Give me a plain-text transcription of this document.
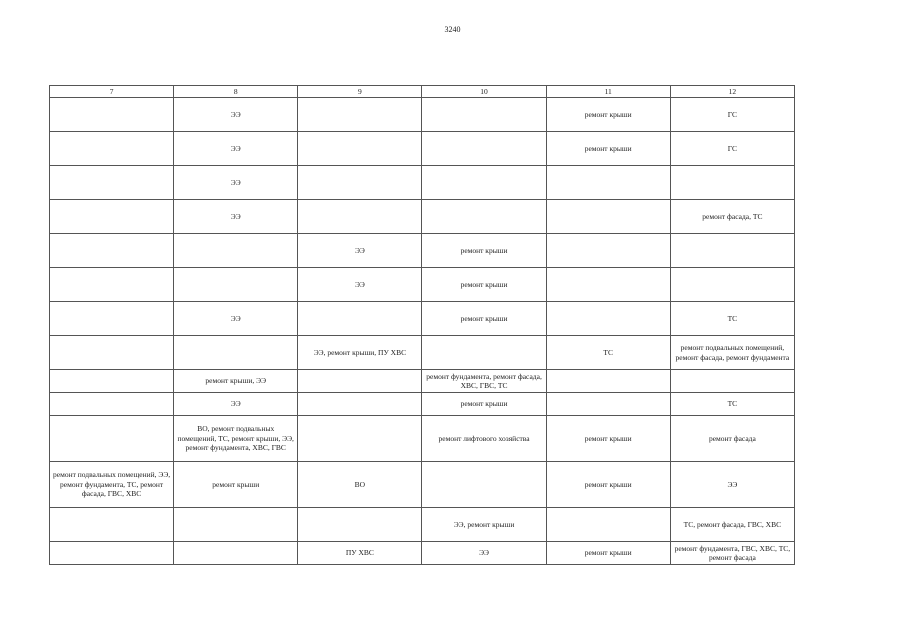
3240
7	8	9	10	11	12
	ЭЭ			ремонт крыши	ГС
	ЭЭ			ремонт крыши	ГС
	ЭЭ				
	ЭЭ				ремонт фасада, ТС
		ЭЭ	ремонт крыши		
		ЭЭ	ремонт крыши		
	ЭЭ		ремонт крыши		ТС
		ЭЭ, ремонт крыши, ПУ ХВС		ТС	ремонт подвальных помещений, ремонт фасада, ремонт фундамента
	ремонт крыши, ЭЭ		ремонт фундамента, ремонт фасада, ХВС, ГВС, ТС		
	ЭЭ		ремонт крыши		ТС
	ВО, ремонт подвальных помещений, ТС, ремонт крыши, ЭЭ, ремонт фундамента, ХВС, ГВС		ремонт лифтового хозяйства	ремонт крыши	ремонт фасада
ремонт подвальных помещений, ЭЭ, ремонт фундамента, ТС, ремонт фасада, ГВС, ХВС	ремонт крыши	ВО		ремонт крыши	ЭЭ
			ЭЭ, ремонт крыши		ТС, ремонт фасада, ГВС, ХВС
		ПУ ХВС	ЭЭ	ремонт крыши	ремонт фундамента, ГВС, ХВС, ТС, ремонт фасада
